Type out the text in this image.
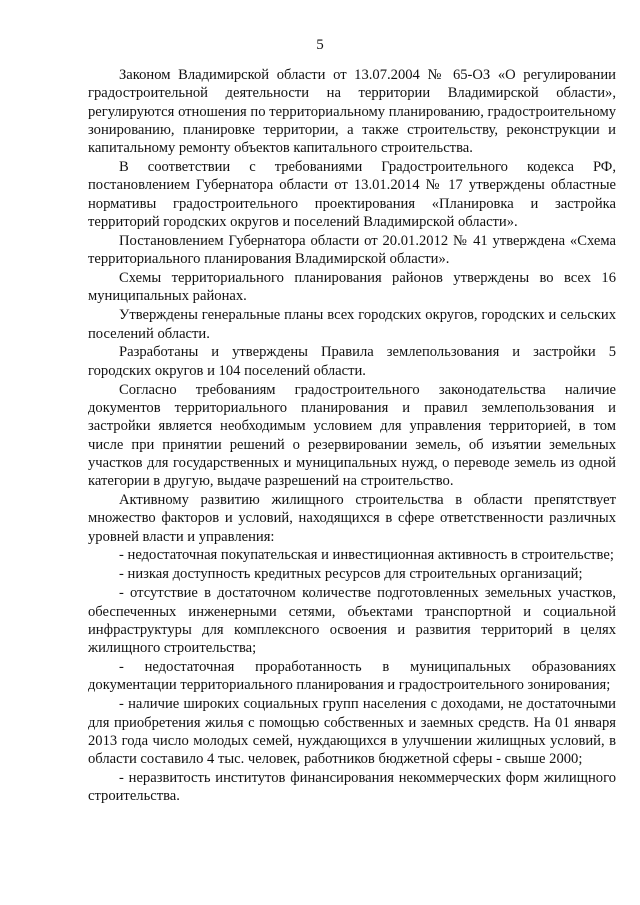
5

Законом Владимирской области от 13.07.2004 № 65-ОЗ «О регулировании градостроительной деятельности на территории Владимирской области», регулируются отношения по территориальному планированию, градостроительному зонированию, планировке территории, а также строительству, реконструкции и капитальному ремонту объектов капитального строительства.

В соответствии с требованиями Градостроительного кодекса РФ, постановлением Губернатора области от 13.01.2014 № 17 утверждены областные нормативы градостроительного проектирования «Планировка и застройка территорий городских округов и поселений Владимирской области».

Постановлением Губернатора области от 20.01.2012 № 41 утверждена «Схема территориального планирования Владимирской области».

Схемы территориального планирования районов утверждены во всех 16 муниципальных районах.

Утверждены генеральные планы всех городских округов, городских и сельских поселений области.

Разработаны и утверждены Правила землепользования и застройки 5 городских округов и 104 поселений области.

Согласно требованиям градостроительного законодательства наличие документов территориального планирования и правил землепользования и застройки является необходимым условием для управления территорией, в том числе при принятии решений о резервировании земель, об изъятии земельных участков для государственных и муниципальных нужд, о переводе земель из одной категории в другую, выдаче разрешений на строительство.

Активному развитию жилищного строительства в области препятствует множество факторов и условий, находящихся в сфере ответственности различных уровней власти и управления:

- недостаточная покупательская и инвестиционная активность в строительстве;

- низкая доступность кредитных ресурсов для строительных организаций;

- отсутствие в достаточном количестве подготовленных земельных участков, обеспеченных инженерными сетями, объектами транспортной и социальной инфраструктуры для комплексного освоения и развития территорий в целях жилищного строительства;

- недостаточная проработанность в муниципальных образованиях документации территориального планирования и градостроительного зонирования;

- наличие широких социальных групп населения с доходами, не достаточными для приобретения жилья с помощью собственных и заемных средств. На 01 января 2013 года число молодых семей, нуждающихся в улучшении жилищных условий, в области составило 4 тыс. человек, работников бюджетной сферы - свыше 2000;

- неразвитость институтов финансирования некоммерческих форм жилищного строительства.
